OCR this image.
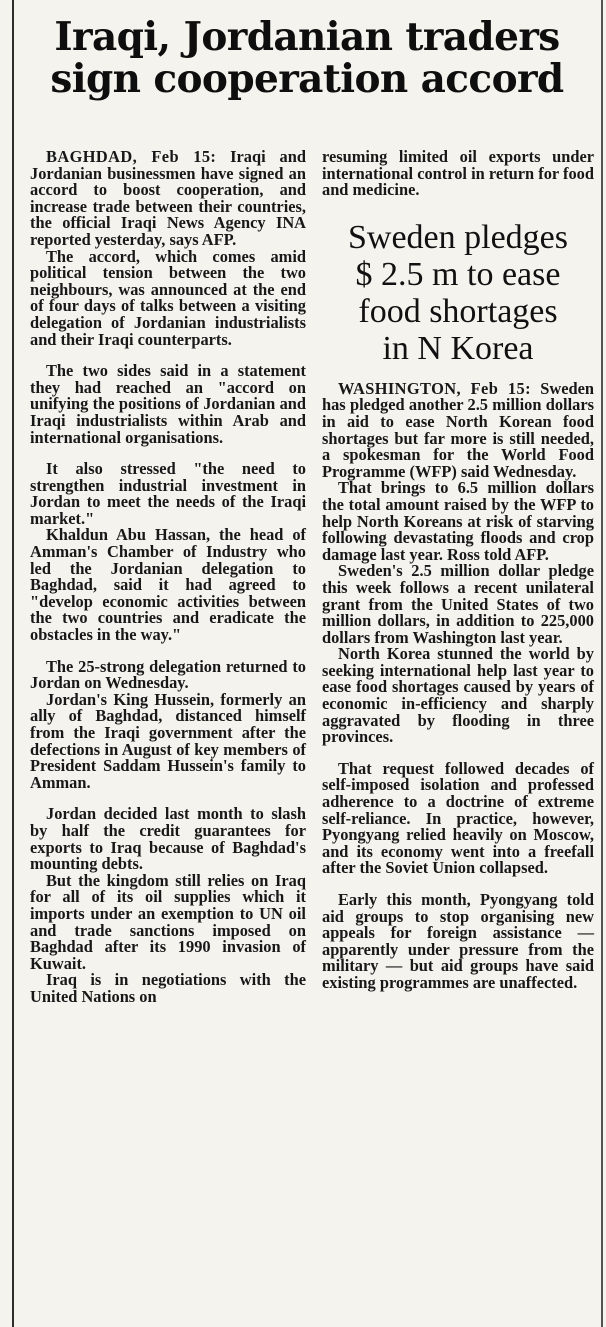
Iraqi, Jordanian traders
sign cooperation accord

BAGHDAD, Feb 15: Iraqi and Jordanian businessmen have signed an accord to boost cooperation, and increase trade between their countries, the official Iraqi News Agency INA reported yesterday, says AFP.

The accord, which comes amid political tension between the two neighbours, was announced at the end of four days of talks between a visiting delegation of Jordanian industrialists and their Iraqi counterparts.

The two sides said in a statement they had reached an "accord on unifying the positions of Jordanian and Iraqi industrialists within Arab and international organisations.

It also stressed "the need to strengthen industrial investment in Jordan to meet the needs of the Iraqi market."

Khaldun Abu Hassan, the head of Amman's Chamber of Industry who led the Jordanian delegation to Baghdad, said it had agreed to "develop economic activities between the two countries and eradicate the obstacles in the way."

The 25-strong delegation returned to Jordan on Wednesday.

Jordan's King Hussein, formerly an ally of Baghdad, distanced himself from the Iraqi government after the defections in August of key members of President Saddam Hussein's family to Amman.

Jordan decided last month to slash by half the credit guarantees for exports to Iraq because of Baghdad's mounting debts.

But the kingdom still relies on Iraq for all of its oil supplies which it imports under an exemption to UN oil and trade sanctions imposed on Baghdad after its 1990 invasion of Kuwait.

Iraq is in negotiations with the United Nations on

resuming limited oil exports under international control in return for food and medicine.

Sweden pledges
$ 2.5 m to ease
food shortages
in N Korea

WASHINGTON, Feb 15: Sweden has pledged another 2.5 million dollars in aid to ease North Korean food shortages but far more is still needed, a spokesman for the World Food Programme (WFP) said Wednesday.

That brings to 6.5 million dollars the total amount raised by the WFP to help North Koreans at risk of starving following devastating floods and crop damage last year. Ross told AFP.

Sweden's 2.5 million dollar pledge this week follows a recent unilateral grant from the United States of two million dollars, in addition to 225,000 dollars from Washington last year.

North Korea stunned the world by seeking international help last year to ease food shortages caused by years of economic in-efficiency and sharply aggravated by flooding in three provinces.

That request followed decades of self-imposed isolation and professed adherence to a doctrine of extreme self-reliance. In practice, however, Pyongyang relied heavily on Moscow, and its economy went into a freefall after the Soviet Union collapsed.

Early this month, Pyongyang told aid groups to stop organising new appeals for foreign assistance — apparently under pressure from the military — but aid groups have said existing programmes are unaffected.
